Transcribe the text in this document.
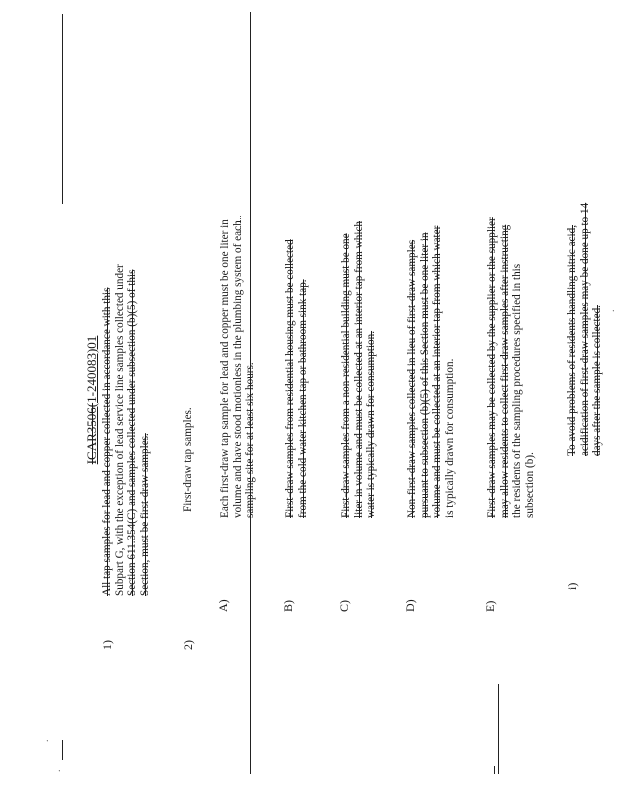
ICAR3506(1-240083)01
1)
All tap samples for lead and copper collected in accordance with this Subpart G, with the exception of lead service line samples collected under Section 611.354(C) and samples collected under subsection (b)(5) of this Section, must be first-draw samples.
2)
First-draw tap samples.
A)
Each first-draw tap sample for lead and copper must be one liter in volume and have stood motionless in the plumbing system of each sampling site for at least six hours.
B)
First-draw samples from residential housing must be collected from the cold water kitchen tap or bathroom sink tap.
C)
First-draw samples from a non-residential building must be one liter in volume and must be collected at an interior tap from which water is typically drawn for consumption.
D)
Non-first-draw samples collected in lieu of first-draw samples pursuant to subsection (b)(5) of this Section must be one liter in volume and must be collected at an interior tap from which water is typically drawn for consumption.
E)
First-draw samples may be collected by the supplier or the supplier may allow residents to collect first-draw samples after instructing the residents of the sampling procedures specified in this subsection (b).
i)
To avoid problems of residents handling nitric acid, acidification of first-draw samples may be done up to 14 days after the sample is collected.
.
.
.
